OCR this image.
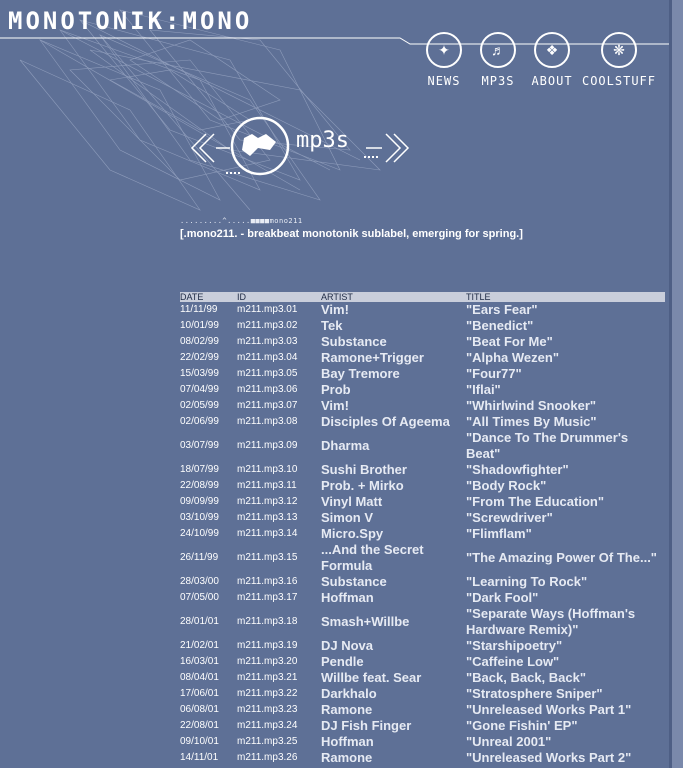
MONOTONIK:MONO
✦
NEWS
♬
MP3S
❖
ABOUT
❋
COOLSTUFF
mp3s
.........^.....■■■■mono211
[.mono211. - breakbeat monotonik sublabel, emerging for spring.]
DATE	ID	ARTIST	TITLE
11/11/99	m211.mp3.01	Vim!	"Ears Fear"
10/01/99	m211.mp3.02	Tek	"Benedict"
08/02/99	m211.mp3.03	Substance	"Beat For Me"
22/02/99	m211.mp3.04	Ramone+Trigger	"Alpha Wezen"
15/03/99	m211.mp3.05	Bay Tremore	"Four77"
07/04/99	m211.mp3.06	Prob	"Iflai"
02/05/99	m211.mp3.07	Vim!	"Whirlwind Snooker"
02/06/99	m211.mp3.08	Disciples Of Ageema	"All Times By Music"
03/07/99	m211.mp3.09	Dharma	"Dance To The Drummer's Beat"
18/07/99	m211.mp3.10	Sushi Brother	"Shadowfighter"
22/08/99	m211.mp3.11	Prob. + Mirko	"Body Rock"
09/09/99	m211.mp3.12	Vinyl Matt	"From The Education"
03/10/99	m211.mp3.13	Simon V	"Screwdriver"
24/10/99	m211.mp3.14	Micro.Spy	"Flimflam"
26/11/99	m211.mp3.15	...And the Secret Formula	"The Amazing Power Of The..."
28/03/00	m211.mp3.16	Substance	"Learning To Rock"
07/05/00	m211.mp3.17	Hoffman	"Dark Fool"
28/01/01	m211.mp3.18	Smash+Willbe	"Separate Ways (Hoffman's Hardware Remix)"
21/02/01	m211.mp3.19	DJ Nova	"Starshipoetry"
16/03/01	m211.mp3.20	Pendle	"Caffeine Low"
08/04/01	m211.mp3.21	Willbe feat. Sear	"Back, Back, Back"
17/06/01	m211.mp3.22	Darkhalo	"Stratosphere Sniper"
06/08/01	m211.mp3.23	Ramone	"Unreleased Works Part 1"
22/08/01	m211.mp3.24	DJ Fish Finger	"Gone Fishin' EP"
09/10/01	m211.mp3.25	Hoffman	"Unreal 2001"
14/11/01	m211.mp3.26	Ramone	"Unreleased Works Part 2"
